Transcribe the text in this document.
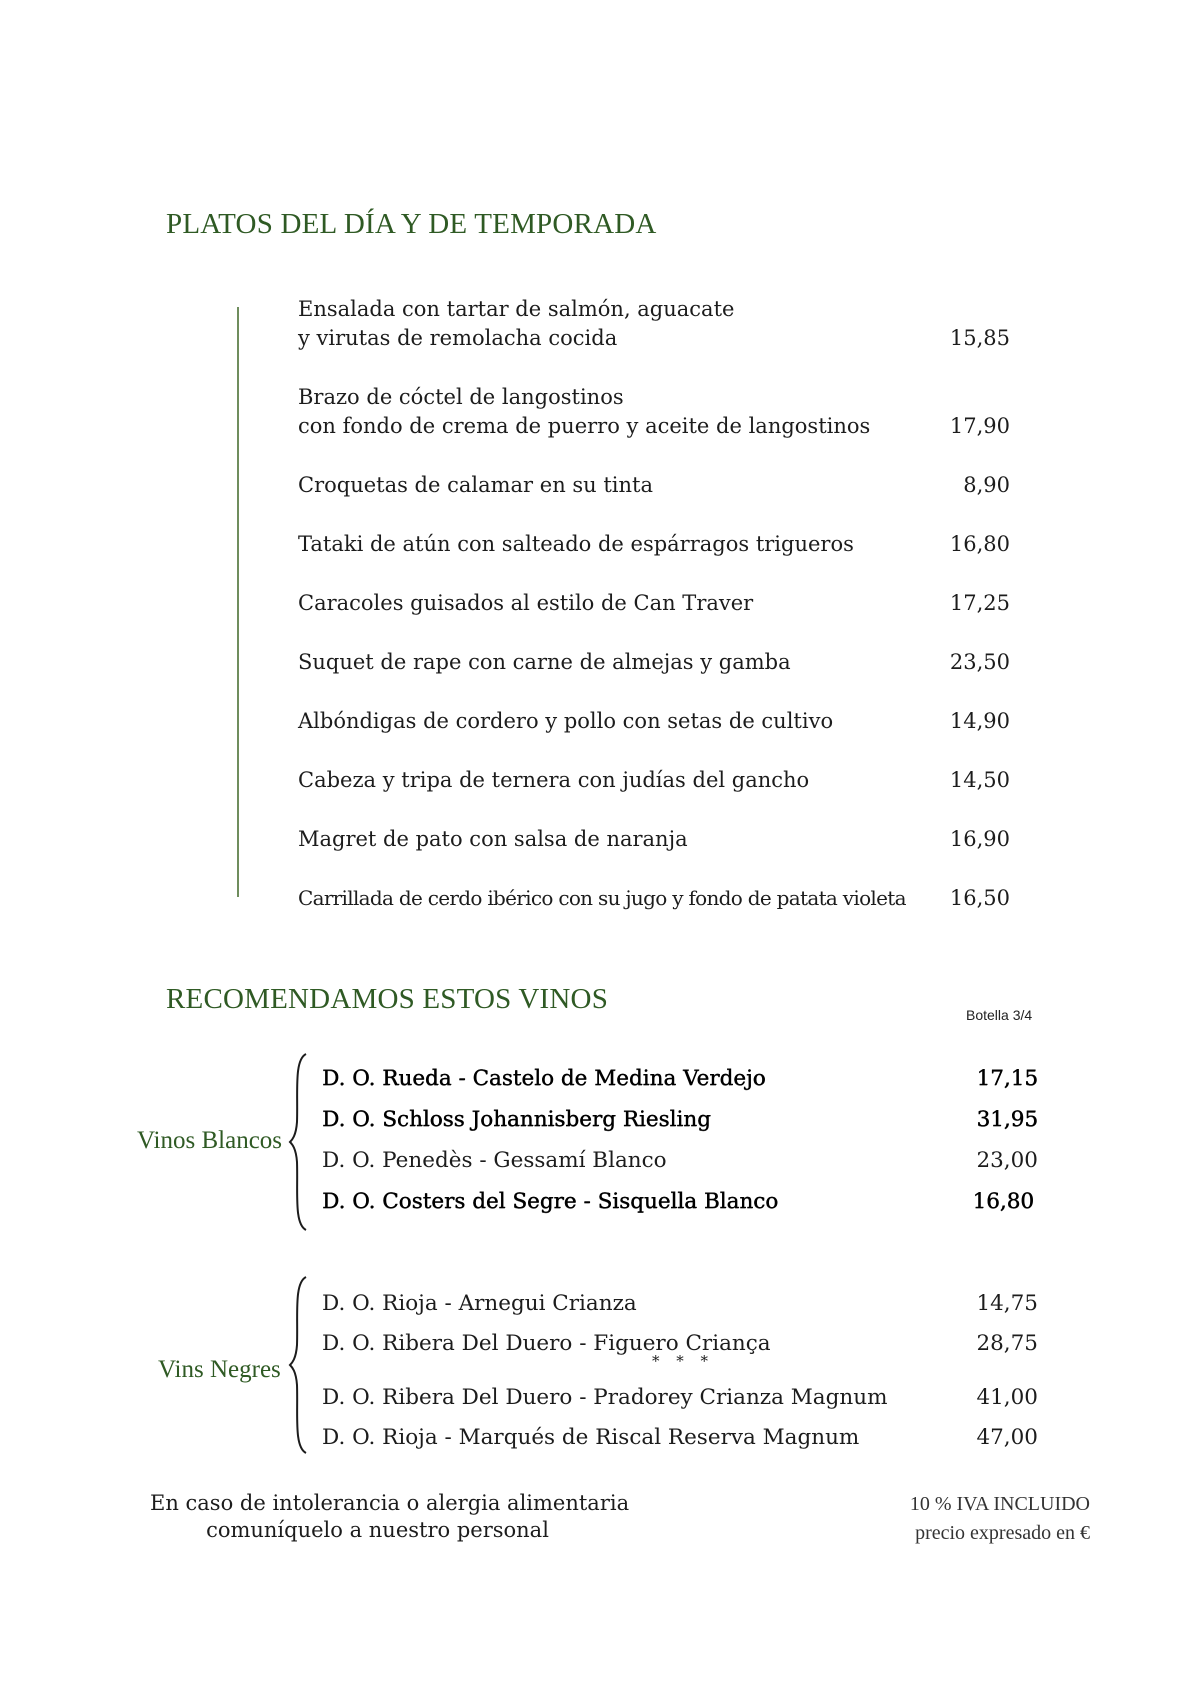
PLATOS DEL DÍA Y DE TEMPORADA
Ensalada con tartar de salmón, aguacate
y virutas de remolacha cocida	15,85
Brazo de cóctel de langostinos
con fondo de crema de puerro y aceite de langostinos	17,90
Croquetas de calamar en su tinta	8,90
Tataki de atún con salteado de espárragos trigueros	16,80
Caracoles guisados al estilo de Can Traver	17,25
Suquet de rape con carne de almejas y gamba	23,50
Albóndigas de cordero y pollo con setas de cultivo	14,90
Cabeza y tripa de ternera con judías del gancho	14,50
Magret de pato con salsa de naranja	16,90
Carrillada de cerdo ibérico con su jugo y fondo de patata violeta	16,50
RECOMENDAMOS ESTOS VINOS	Botella 3/4
Vinos Blancos
D. O. Rueda - Castelo de Medina Verdejo	17,15
D. O. Schloss Johannisberg Riesling	31,95
D. O. Penedès - Gessamí Blanco	23,00
D. O. Costers del Segre - Sisquella Blanco	16,80
Vins Negres
D. O. Rioja - Arnegui Crianza	14,75
D. O. Ribera Del Duero - Figuero Criança	28,75
* * *
D. O. Ribera Del Duero - Pradorey Crianza Magnum	41,00
D. O. Rioja - Marqués de Riscal Reserva Magnum	47,00
En caso de intolerancia o alergia alimentaria
comuníquelo a nuestro personal
10 % IVA INCLUIDO
precio expresado en €
